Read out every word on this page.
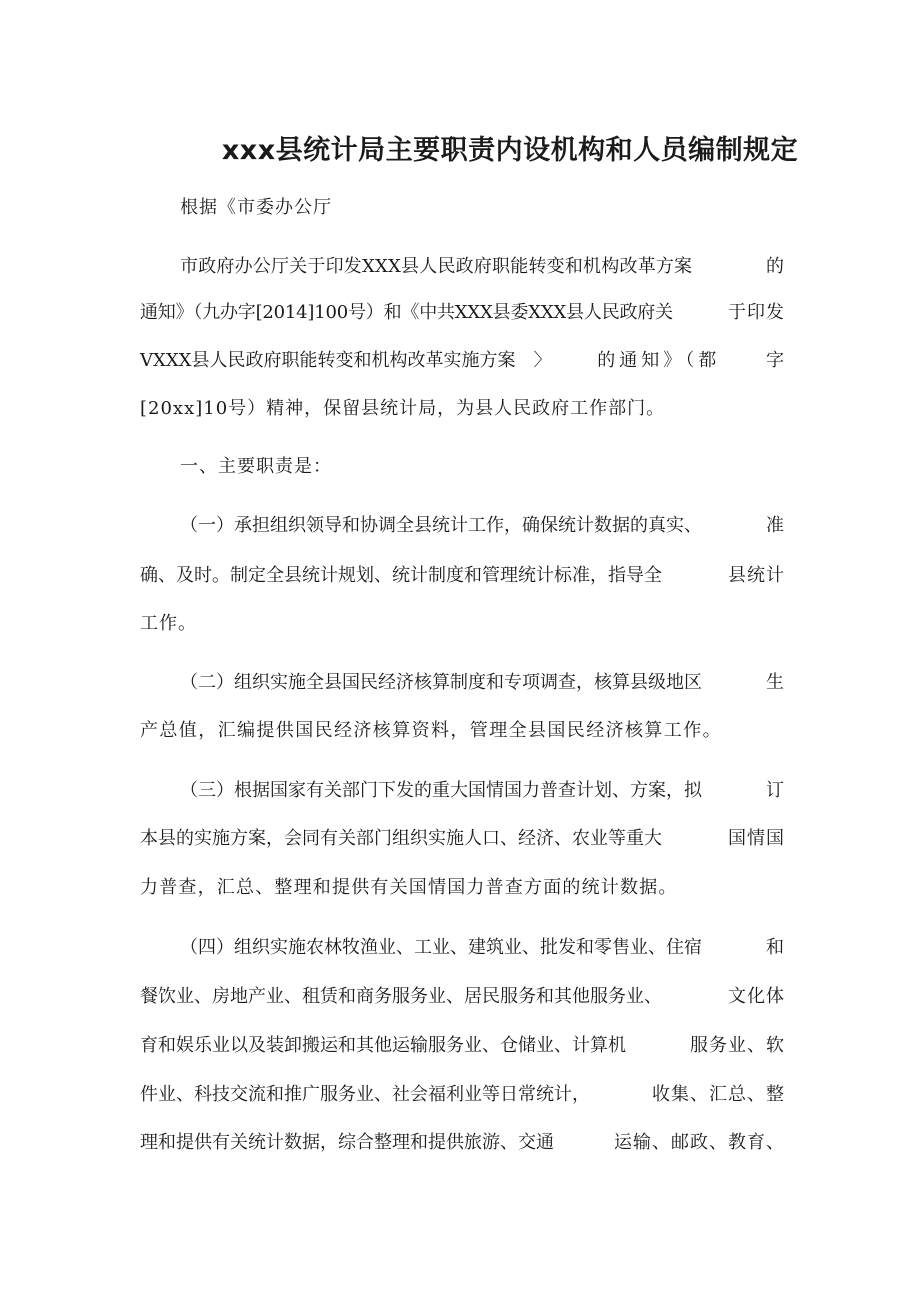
xxx县统计局主要职责内设机构和人员编制规定
根据《市委办公厅
市政府办公厅关于印发XXX县人民政府职能转变和机构改革方案	的
通知》（九办字[2014]100号）和《中共XXX县委XXX县人民政府关	于印发
VXXX县人民政府职能转变和机构改革实施方案　〉	的通知》（都	字
[20xx]10号）精神，保留县统计局，为县人民政府工作部门。
一、主要职责是：
（一）承担组织领导和协调全县统计工作，确保统计数据的真实、	准
确、及时。制定全县统计规划、统计制度和管理统计标准，指导全	县统计
工作。
（二）组织实施全县国民经济核算制度和专项调查，核算县级地区	生
产总值，汇编提供国民经济核算资料，管理全县国民经济核算工作。
（三）根据国家有关部门下发的重大国情国力普查计划、方案，拟	订
本县的实施方案，会同有关部门组织实施人口、经济、农业等重大	国情国
力普查，汇总、整理和提供有关国情国力普查方面的统计数据。
（四）组织实施农林牧渔业、工业、建筑业、批发和零售业、住宿	和
餐饮业、房地产业、租赁和商务服务业、居民服务和其他服务业、	文化体
育和娱乐业以及装卸搬运和其他运输服务业、仓储业、计算机	服务业、软
件业、科技交流和推广服务业、社会福利业等日常统计，	收集、汇总、整
理和提供有关统计数据，综合整理和提供旅游、交通	运输、邮政、教育、
